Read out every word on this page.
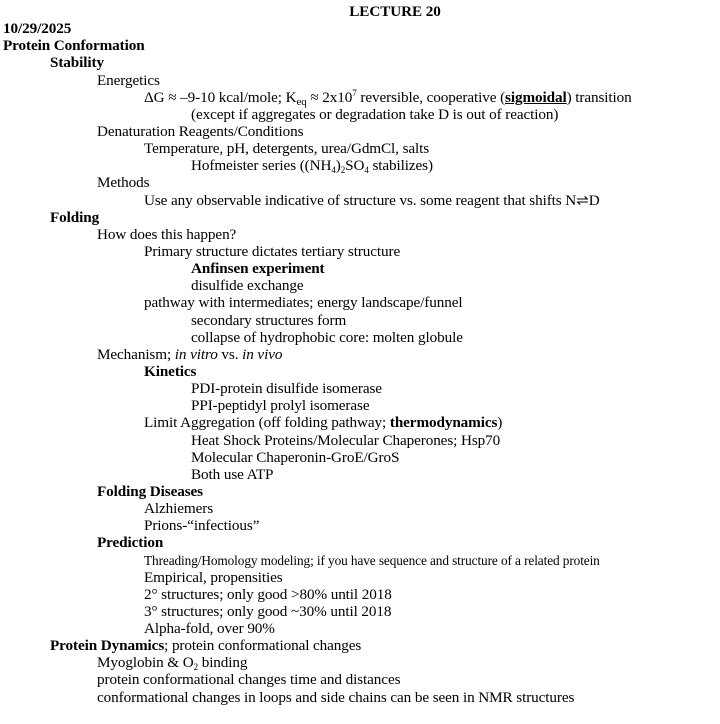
LECTURE 20
10/29/2025
Protein Conformation
Stability
Energetics
ΔG ≈ –9-10 kcal/mole; Keq ≈ $2x10^7$ reversible, cooperative (sigmoidal) transition
(except if aggregates or degradation take D is out of reaction)
Denaturation Reagents/Conditions
Temperature, pH, detergents, urea/GdmCl, salts
Hofmeister series ((NH4)2SO4 stabilizes)
Methods
Use any observable indicative of structure vs. some reagent that shifts N⇌D
Folding
How does this happen?
Primary structure dictates tertiary structure
Anfinsen experiment
disulfide exchange
pathway with intermediates; energy landscape/funnel
secondary structures form
collapse of hydrophobic core: molten globule
Mechanism; in vitro vs. in vivo
Kinetics
PDI-protein disulfide isomerase
PPI-peptidyl prolyl isomerase
Limit Aggregation (off folding pathway; thermodynamics)
Heat Shock Proteins/Molecular Chaperones; Hsp70
Molecular Chaperonin-GroE/GroS
Both use ATP
Folding Diseases
Alzhiemers
Prions-“infectious”
Prediction
Threading/Homology modeling; if you have sequence and structure of a related protein
Empirical, propensities
2° structures; only good >80% until 2018
3° structures; only good ~30% until 2018
Alpha-fold, over 90%
Protein Dynamics; protein conformational changes
Myoglobin & O2 binding
protein conformational changes time and distances
conformational changes in loops and side chains can be seen in NMR structures
